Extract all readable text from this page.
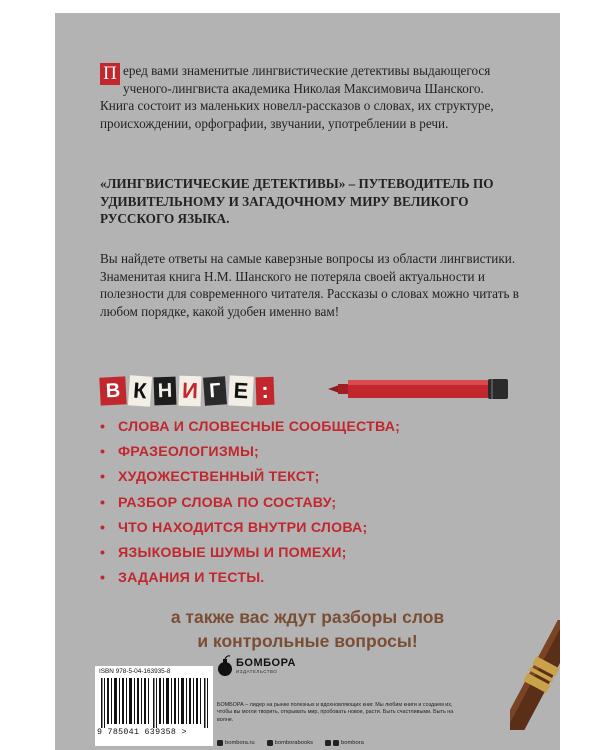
П еред вами знаменитые лингвистические детективы выдающегося ученого-лингвиста академика Николая Максимовича Шанского. Книга состоит из маленьких новелл-рассказов о словах, их структуре, происхождении, орфографии, звучании, употреблении в речи.

«ЛИНГВИСТИЧЕСКИЕ ДЕТЕКТИВЫ» – ПУТЕВОДИТЕЛЬ ПО УДИВИТЕЛЬНОМУ И ЗАГАДОЧНОМУ МИРУ ВЕЛИКОГО РУССКОГО ЯЗЫКА.

Вы найдете ответы на самые каверзные вопросы из области лингвистики. Знаменитая книга Н.М. Шанского не потеряла своей актуальности и полезности для современного читателя. Рассказы о словах можно читать в любом порядке, какой удобен именно вам!

В К Н И Г Е :
• СЛОВА И СЛОВЕСНЫЕ СООБЩЕСТВА;
• ФРАЗЕОЛОГИЗМЫ;
• ХУДОЖЕСТВЕННЫЙ ТЕКСТ;
• РАЗБОР СЛОВА ПО СОСТАВУ;
• ЧТО НАХОДИТСЯ ВНУТРИ СЛОВА;
• ЯЗЫКОВЫЕ ШУМЫ И ПОМЕХИ;
• ЗАДАНИЯ И ТЕСТЫ.
а также вас ждут разборы слов
и контрольные вопросы!
ISBN 978-5-04-163935-8
9 785041 639358 >
БОМБОРА
ИЗДАТЕЛЬСТВО

БОМБОРА – лидер на рынке полезных и вдохновляющих книг. Мы любим книги и создаем их, чтобы вы могли творить, открывать мир, пробовать новое, расти. Быть счастливыми. Быть на волне.

bombora.ru	bomborabooks	bombora
